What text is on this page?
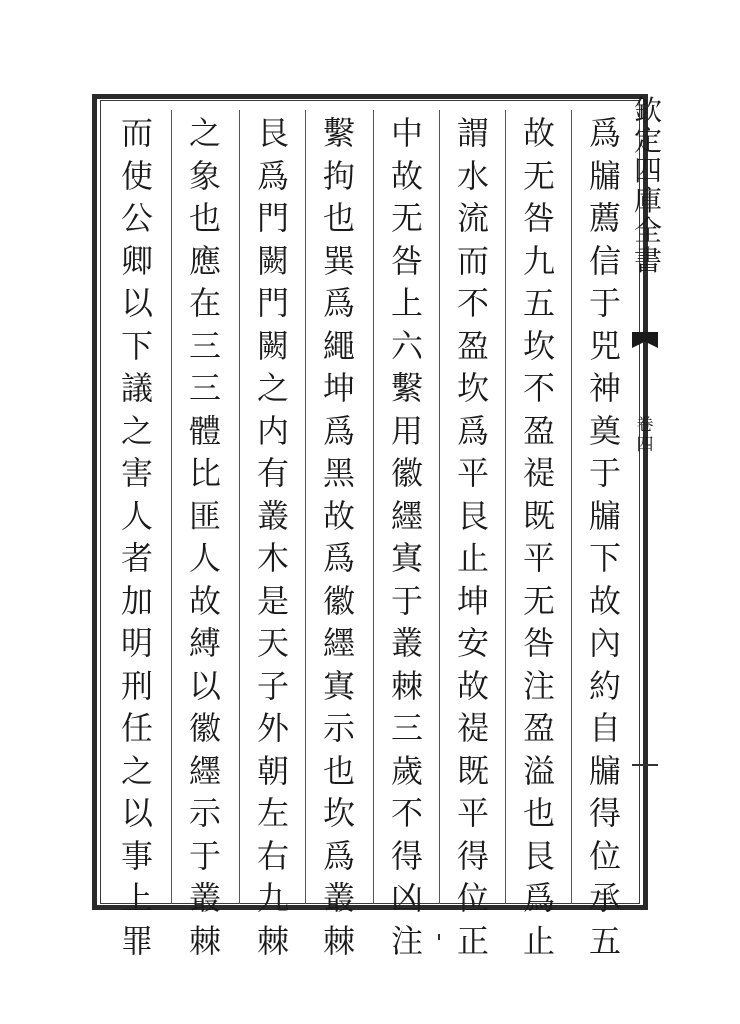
爲
牖
薦
信
于
兕
神
奠
于
牖
下
故
內
約
自
牖
得
位
承
五
故
无
咎
九
五
坎
不
盈
禔
既
平
无
咎
注
盈
溢
也
艮
爲
止
謂
水
流
而
不
盈
坎
爲
平
艮
止
坤
安
故
禔
既
平
得
位
正
中
故
无
咎
上
六
繫
用
徽
纆
寘
于
叢
棘
三
歲
不
得
凶
注
繫
拘
也
巽
爲
繩
坤
爲
黑
故
爲
徽
纆
寘
示
也
坎
爲
叢
棘
艮
爲
門
闕
門
闕
之
内
有
叢
木
是
天
子
外
朝
左
右
九
棘
之
象
也
應
在
三
三
體
比
匪
人
故
縛
以
徽
纆
示
于
叢
棘
而
使
公
卿
以
下
議
之
害
人
者
加
明
刑
任
之
以
事
上
罪
欽
定
四
庫
全
書
卷
四
